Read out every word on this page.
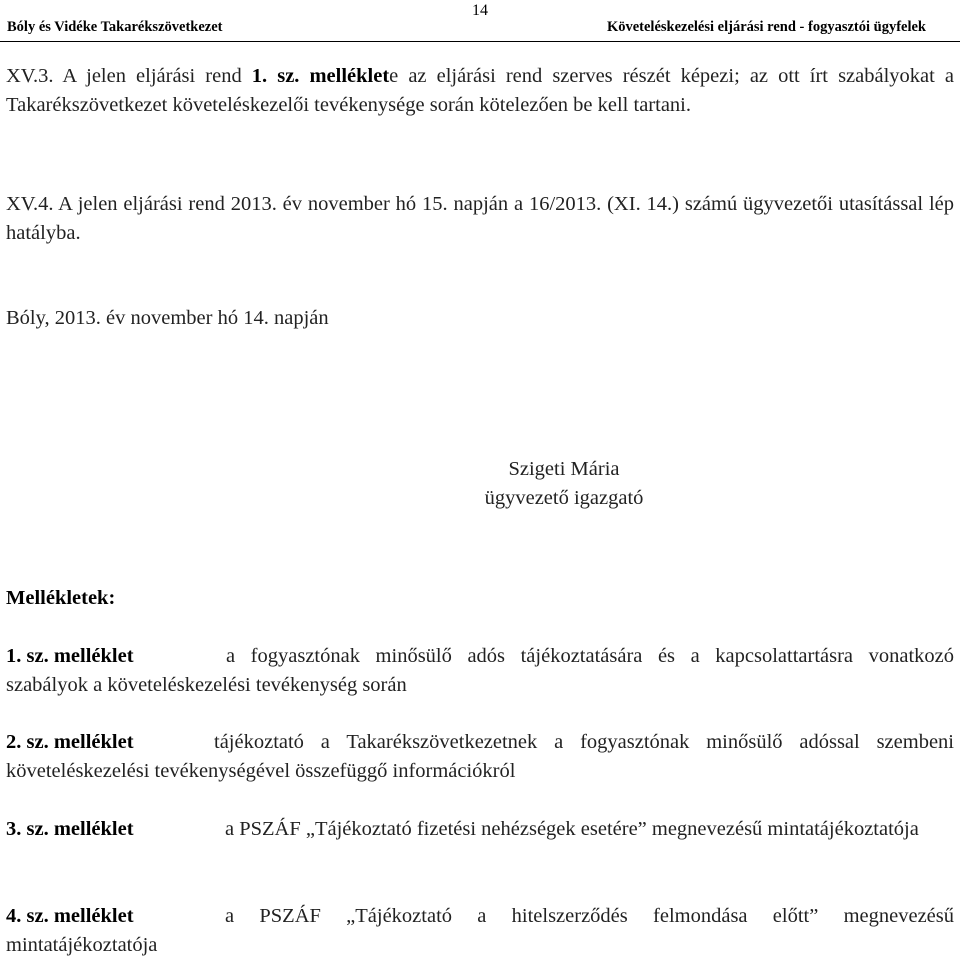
14
Bóly és Vidéke Takarékszövetkezet	Követeléskezelési eljárási rend - fogyasztói ügyfelek
XV.3. A jelen eljárási rend 1. sz. melléklete az eljárási rend szerves részét képezi; az ott írt szabályokat a Takarékszövetkezet követeléskezelői tevékenysége során kötelezően be kell tartani.
XV.4. A jelen eljárási rend 2013. év november hó 15. napján a 16/2013. (XI. 14.) számú ügyvezetői utasítással lép hatályba.
Bóly, 2013. év november hó 14. napján
Szigeti Mária
ügyvezető igazgató
Mellékletek:
1. sz. melléklet	a fogyasztónak minősülő adós tájékoztatására és a kapcsolattartásra vonatkozó szabályok a követeléskezelési tevékenység során
2. sz. melléklet	tájékoztató a Takarékszövetkezetnek a fogyasztónak minősülő adóssal szembeni követeléskezelési tevékenységével összefüggő információkról
3. sz. melléklet	a PSZÁF „Tájékoztató fizetési nehézségek esetére” megnevezésű mintatájékoztatója
4. sz. melléklet	a PSZÁF „Tájékoztató a hitelszerződés felmondása előtt” megnevezésű mintatájékoztatója
